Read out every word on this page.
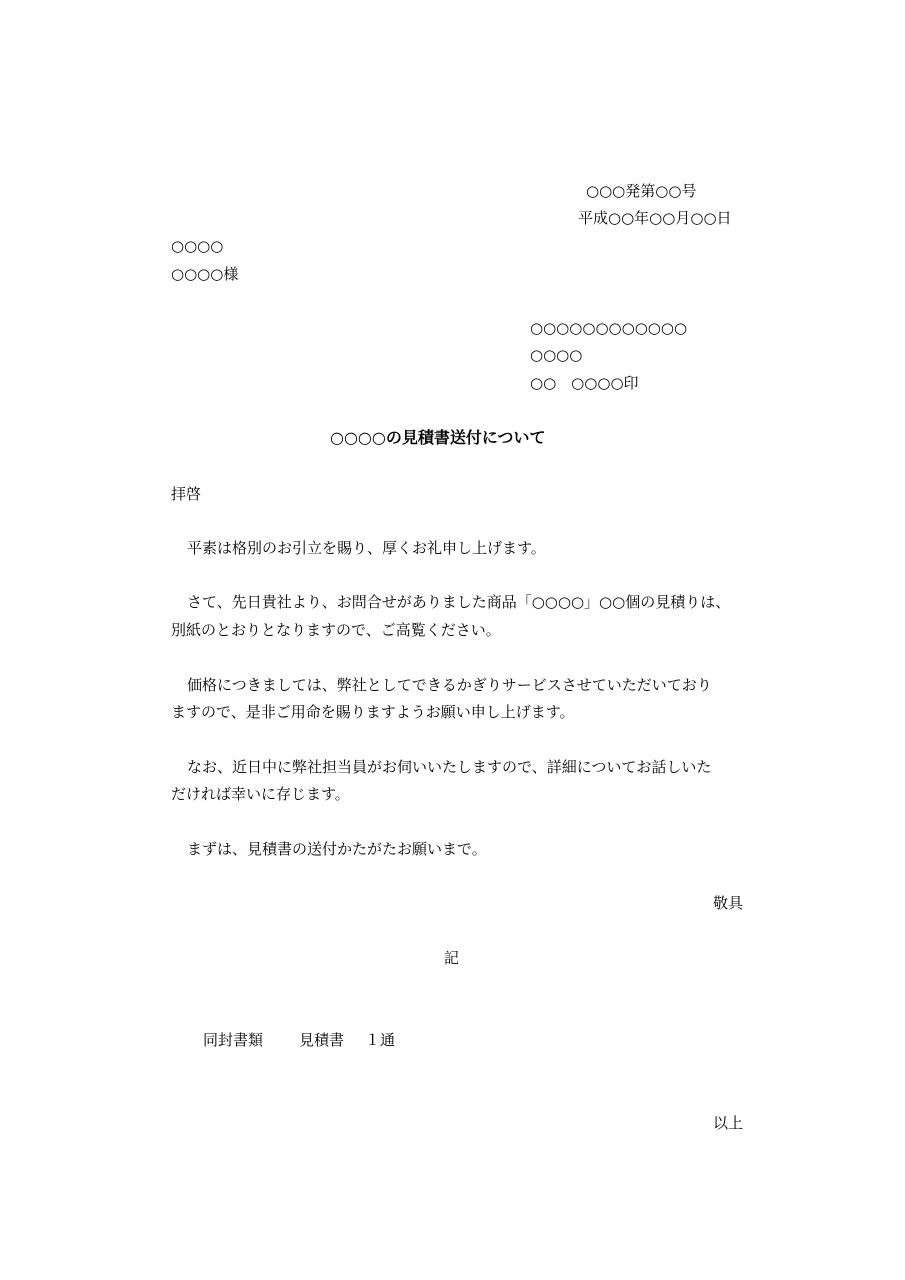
○○○発第○○号
平成○○年○○月○○日
○○○○
○○○○様
○○○○○○○○○○○○
○○○○
○○　○○○○印
○○○○の見積書送付について
拝啓
平素は格別のお引立を賜り、厚くお礼申し上げます。
さて、先日貴社より、お問合せがありました商品「○○○○」○○個の見積りは、
別紙のとおりとなりますので、ご高覧ください。
価格につきましては、弊社としてできるかぎりサービスさせていただいており
ますので、是非ご用命を賜りますようお願い申し上げます。
なお、近日中に弊社担当員がお伺いいたしますので、詳細についてお話しいた
だければ幸いに存じます。
まずは、見積書の送付かたがたお願いまで。
敬具
記
同封書類 見積書 １通
以上
